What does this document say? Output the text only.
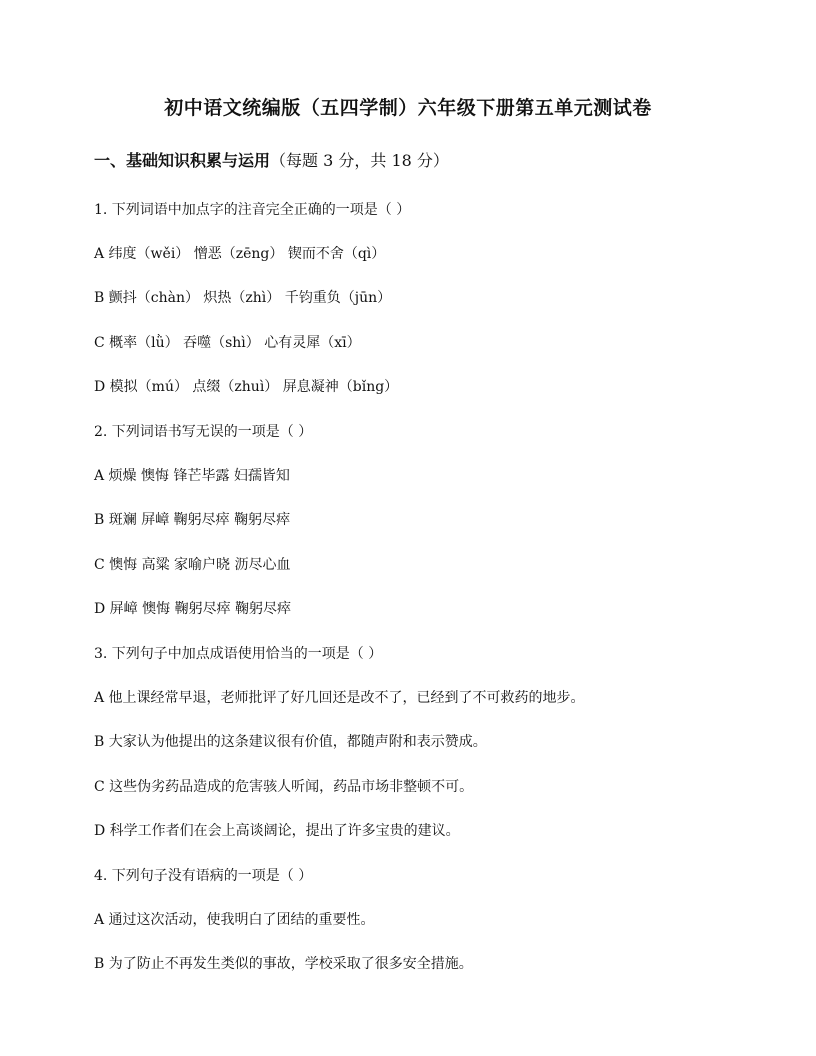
初中语文统编版（五四学制）六年级下册第五单元测试卷
一、基础知识积累与运用（每题 3 分，共 18 分）
1. 下列词语中加点字的注音完全正确的一项是（ ）
A 纬度（wěi） 憎恶（zēng） 锲而不舍（qì）
B 颤抖（chàn） 炽热（zhì） 千钧重负（jūn）
C 概率（lǜ） 吞噬（shì） 心有灵犀（xī）
D 模拟（mú） 点缀（zhuì） 屏息凝神（bǐng）
2. 下列词语书写无误的一项是（ ）
A 烦燥 懊悔 锋芒毕露 妇孺皆知
B 斑斓 屏嶂 鞠躬尽瘁 鞠躬尽瘁
C 懊悔 高粱 家喻户晓 沥尽心血
D 屏嶂 懊悔 鞠躬尽瘁 鞠躬尽瘁
3. 下列句子中加点成语使用恰当的一项是（ ）
A 他上课经常早退，老师批评了好几回还是改不了，已经到了不可救药的地步。
B 大家认为他提出的这条建议很有价值，都随声附和表示赞成。
C 这些伪劣药品造成的危害骇人听闻，药品市场非整顿不可。
D 科学工作者们在会上高谈阔论，提出了许多宝贵的建议。
4. 下列句子没有语病的一项是（ ）
A 通过这次活动，使我明白了团结的重要性。
B 为了防止不再发生类似的事故，学校采取了很多安全措施。
